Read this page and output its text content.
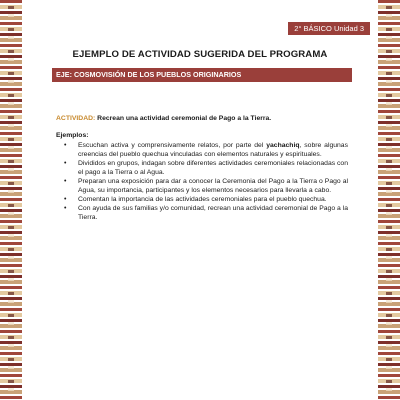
2° BÁSICO Unidad 3
EJEMPLO DE ACTIVIDAD SUGERIDA DEL PROGRAMA
EJE: COSMOVISIÓN DE LOS PUEBLOS ORIGINARIOS

ACTIVIDAD: Recrean una actividad ceremonial de Pago a la Tierra.

Ejemplos:

• Escuchan activa y comprensivamente relatos, por parte del yachachiq, sobre algunas creencias del pueblo quechua vinculadas con elementos naturales y espirituales.
• Divididos en grupos, indagan sobre diferentes actividades ceremoniales relacionadas con el pago a la Tierra o al Agua.
• Preparan una exposición para dar a conocer la Ceremonia del Pago a la Tierra o Pago al Agua, su importancia, participantes y los elementos necesarios para llevarla a cabo.
• Comentan la importancia de las actividades ceremoniales para el pueblo quechua.
• Con ayuda de sus familias y/o comunidad, recrean una actividad ceremonial de Pago a la Tierra.
